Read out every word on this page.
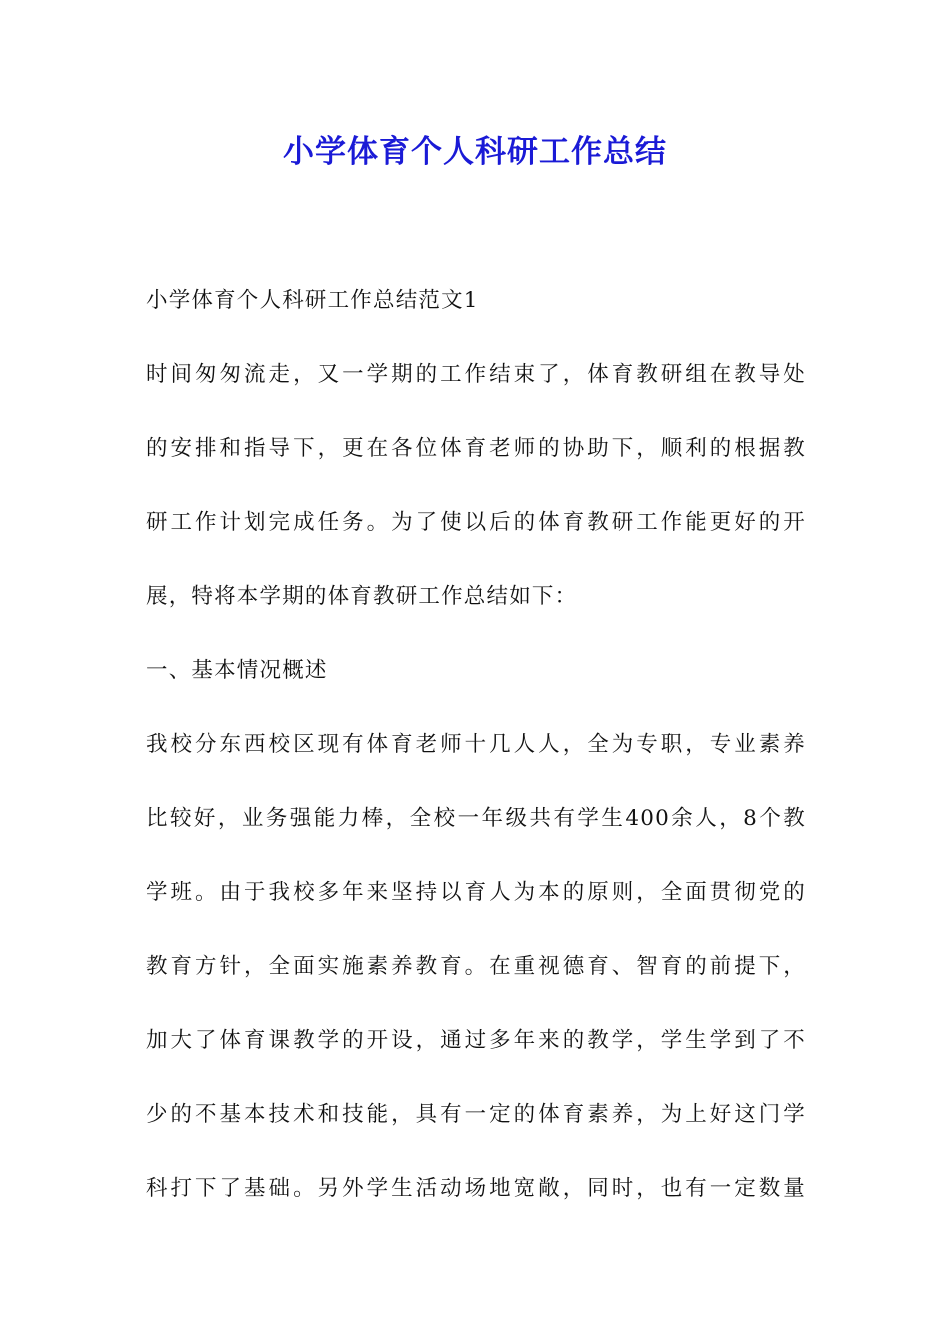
小学体育个人科研工作总结

小学体育个人科研工作总结范文1

时间匆匆流走，又一学期的工作结束了，体育教研组在教导处

的安排和指导下，更在各位体育老师的协助下，顺利的根据教

研工作计划完成任务。为了使以后的体育教研工作能更好的开

展，特将本学期的体育教研工作总结如下：

一、基本情况概述

我校分东西校区现有体育老师十几人人，全为专职，专业素养

比较好，业务强能力棒，全校一年级共有学生400余人，8个教

学班。由于我校多年来坚持以育人为本的原则，全面贯彻党的

教育方针，全面实施素养教育。在重视德育、智育的前提下，

加大了体育课教学的开设，通过多年来的教学，学生学到了不

少的不基本技术和技能，具有一定的体育素养，为上好这门学

科打下了基础。另外学生活动场地宽敞，同时，也有一定数量
